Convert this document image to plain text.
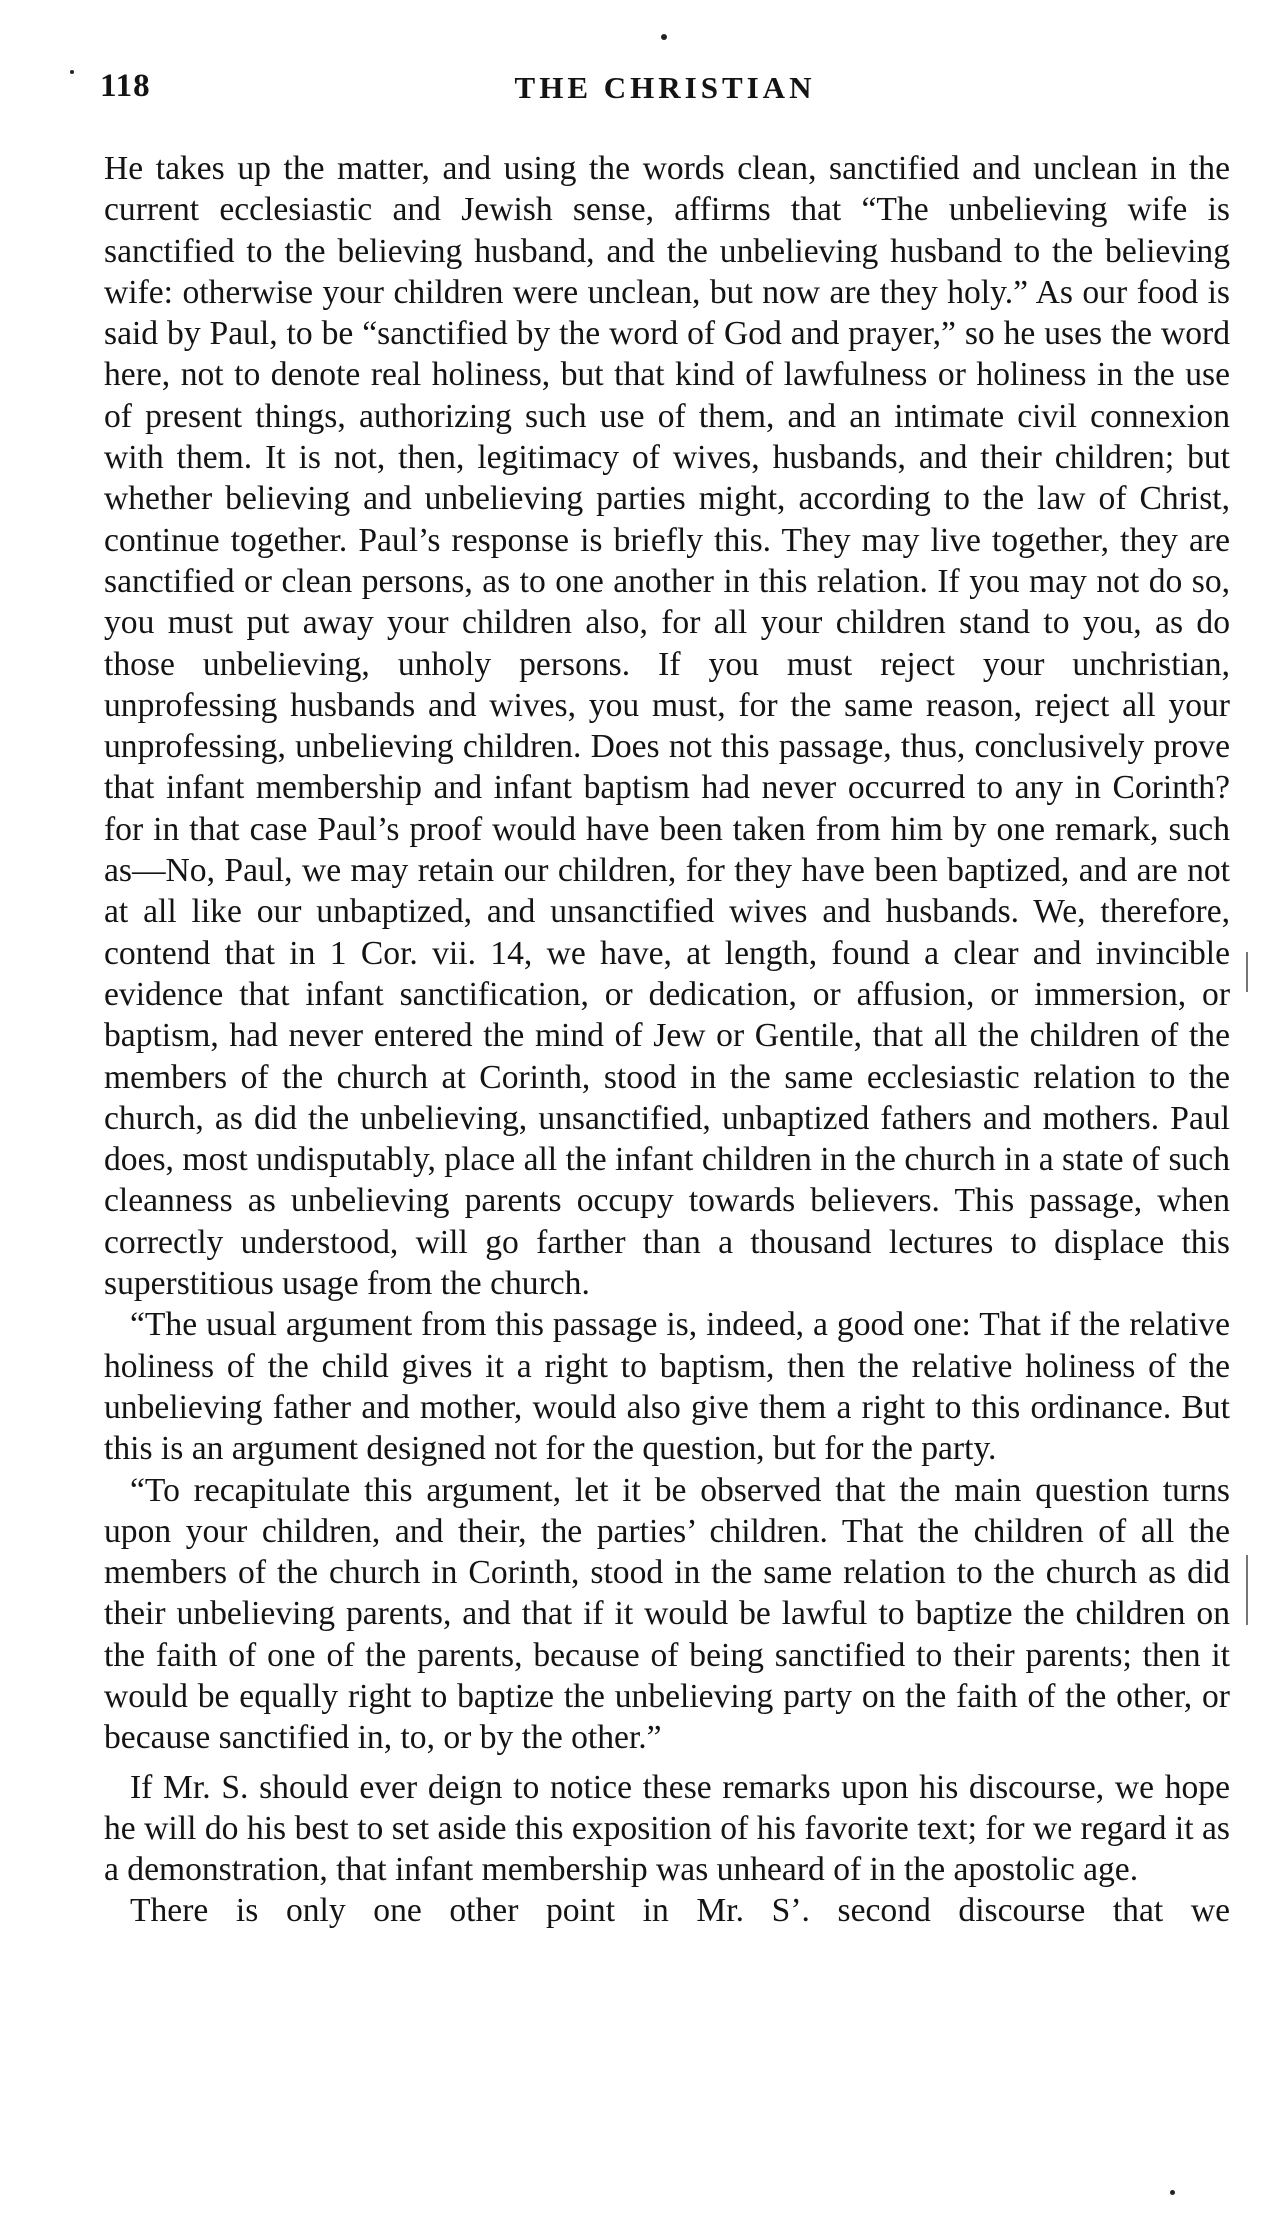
118	THE CHRISTIAN

He takes up the matter, and using the words clean, sanctified and unclean in the current ecclesiastic and Jewish sense, affirms that “The unbelieving wife is sanctified to the believing husband, and the unbelieving husband to the believing wife: otherwise your children were unclean, but now are they holy.” As our food is said by Paul, to be “sanctified by the word of God and prayer,” so he uses the word here, not to denote real holiness, but that kind of lawfulness or holiness in the use of present things, authorizing such use of them, and an intimate civil connexion with them. It is not, then, legitimacy of wives, husbands, and their children; but whether believing and unbelieving parties might, according to the law of Christ, continue together. Paul’s response is briefly this. They may live together, they are sanctified or clean persons, as to one another in this relation. If you may not do so, you must put away your children also, for all your children stand to you, as do those unbelieving, unholy persons. If you must reject your unchristian, unprofessing husbands and wives, you must, for the same reason, reject all your unprofessing, unbelieving children. Does not this passage, thus, conclusively prove that infant membership and infant baptism had never occurred to any in Corinth? for in that case Paul’s proof would have been taken from him by one remark, such as—No, Paul, we may retain our children, for they have been baptized, and are not at all like our unbaptized, and unsanctified wives and husbands. We, therefore, contend that in 1 Cor. vii. 14, we have, at length, found a clear and invincible evidence that infant sanctification, or dedication, or affusion, or immersion, or baptism, had never entered the mind of Jew or Gentile, that all the children of the members of the church at Corinth, stood in the same ecclesiastic relation to the church, as did the unbelieving, unsanctified, unbaptized fathers and mothers. Paul does, most undisputably, place all the infant children in the church in a state of such cleanness as unbelieving parents occupy towards believers. This passage, when correctly understood, will go farther than a thousand lectures to displace this superstitious usage from the church.

“The usual argument from this passage is, indeed, a good one: That if the relative holiness of the child gives it a right to baptism, then the relative holiness of the unbelieving father and mother, would also give them a right to this ordinance. But this is an argument designed not for the question, but for the party.

“To recapitulate this argument, let it be observed that the main question turns upon your children, and their, the parties’ children. That the children of all the members of the church in Corinth, stood in the same relation to the church as did their unbelieving parents, and that if it would be lawful to baptize the children on the faith of one of the parents, because of being sanctified to their parents; then it would be equally right to baptize the unbelieving party on the faith of the other, or because sanctified in, to, or by the other.”

If Mr. S. should ever deign to notice these remarks upon his discourse, we hope he will do his best to set aside this exposition of his favorite text; for we regard it as a demonstration, that infant membership was unheard of in the apostolic age.

There is only one other point in Mr. S’. second discourse that we
